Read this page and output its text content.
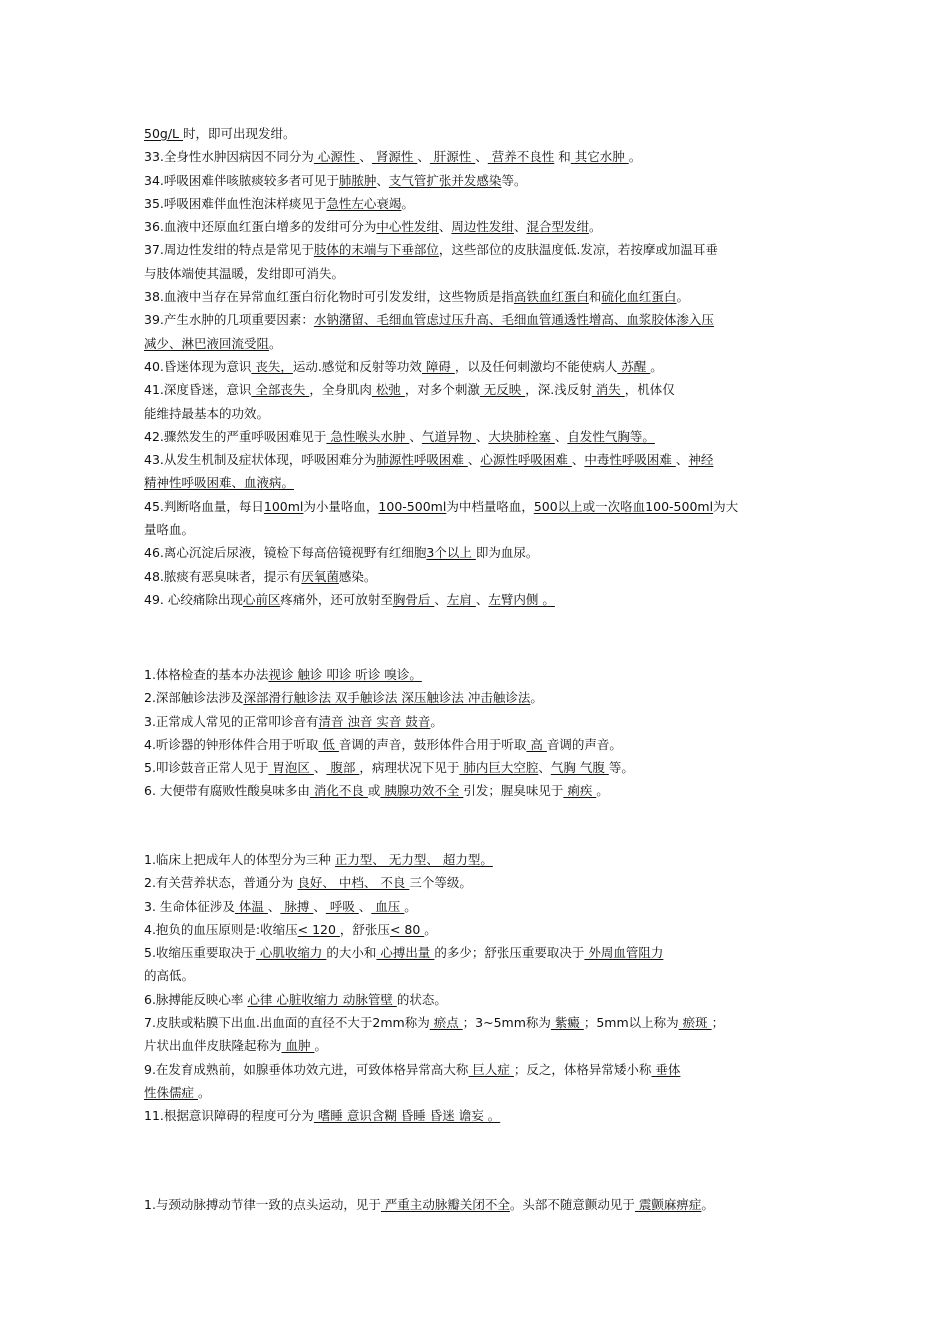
50g/L 时，即可出现发绀。
33.全身性水肿因病因不同分为 心源性 、 肾源性 、 肝源性 、 营养不良性 和 其它水肿 。
34.呼吸困难伴咳脓痰较多者可见于肺脓肿、支气管扩张并发感染等。
35.呼吸困难伴血性泡沫样痰见于急性左心衰竭。
36.血液中还原血红蛋白增多的发绀可分为中心性发绀、周边性发绀、混合型发绀。
37.周边性发绀的特点是常见于肢体的末端与下垂部位，这些部位的皮肤温度低.发凉，若按摩或加温耳垂
与肢体端使其温暖，发绀即可消失。
38.血液中当存在异常血红蛋白衍化物时可引发发绀，这些物质是指高铁血红蛋白和硫化血红蛋白。
39.产生水肿的几项重要因素：水钠潴留、毛细血管虑过压升高、毛细血管通透性增高、血浆胶体渗入压
减少、淋巴液回流受阻。
40.昏迷体现为意识 丧失，运动.感觉和反射等功效 障碍 ，以及任何刺激均不能使病人 苏醒 。
41.深度昏迷，意识 全部丧失 ，全身肌肉 松弛 ，对多个刺激 无反映 ，深.浅反射 消失 ，机体仅
能维持最基本的功效。
42.骤然发生的严重呼吸困难见于 急性喉头水肿 、气道异物 、大块肺栓塞 、自发性气胸等。
43.从发生机制及症状体现，呼吸困难分为肺源性呼吸困难 、心源性呼吸困难 、中毒性呼吸困难 、神经
精神性呼吸困难、血液病。
45.判断咯血量，每日100ml为小量咯血，100-500ml为中档量咯血，500以上或一次咯血100-500ml为大
量咯血。
46.离心沉淀后尿液，镜检下每高倍镜视野有红细胞3个以上 即为血尿。
48.脓痰有恶臭味者，提示有厌氧菌感染。
49. 心绞痛除出现心前区疼痛外，还可放射至胸骨后 、左肩 、左臂内侧 。
1.体格检查的基本办法视诊 触诊 叩诊 听诊 嗅诊。
2.深部触诊法涉及深部滑行触诊法 双手触诊法 深压触诊法 冲击触诊法。
3.正常成人常见的正常叩诊音有清音 浊音 实音 鼓音。
4.听诊器的钟形体件合用于听取 低 音调的声音，鼓形体件合用于听取 高 音调的声音。
5.叩诊鼓音正常人见于 胃泡区 、 腹部 ，病理状况下见于 肺内巨大空腔、气胸 气腹 等。
6. 大便带有腐败性酸臭味多由 消化不良 或 胰腺功效不全 引发；腥臭味见于 痢疾 。
1.临床上把成年人的体型分为三种 正力型、 无力型、 超力型。
2.有关营养状态，普通分为 良好、 中档、 不良 三个等级。
3. 生命体征涉及 体温 、 脉搏 、 呼吸 、 血压 。
4.抱负的血压原则是:收缩压< 120 ，舒张压< 80 。
5.收缩压重要取决于 心肌收缩力 的大小和 心搏出量 的多少；舒张压重要取决于 外周血管阻力
的高低。
6.脉搏能反映心率 心律 心脏收缩力 动脉管壁 的状态。
7.皮肤或粘膜下出血.出血面的直径不大于2mm称为 瘀点 ；3~5mm称为 紫癜 ；5mm以上称为 瘀斑 ；
片状出血伴皮肤隆起称为 血肿 。
9.在发育成熟前，如腺垂体功效亢进，可致体格异常高大称 巨人症 ；反之，体格异常矮小称 垂体
性侏儒症 。
11.根据意识障碍的程度可分为 嗜睡 意识含糊 昏睡 昏迷 谵妄 。
1.与颈动脉搏动节律一致的点头运动，见于 严重主动脉瓣关闭不全。头部不随意颤动见于 震颤麻痹症。
